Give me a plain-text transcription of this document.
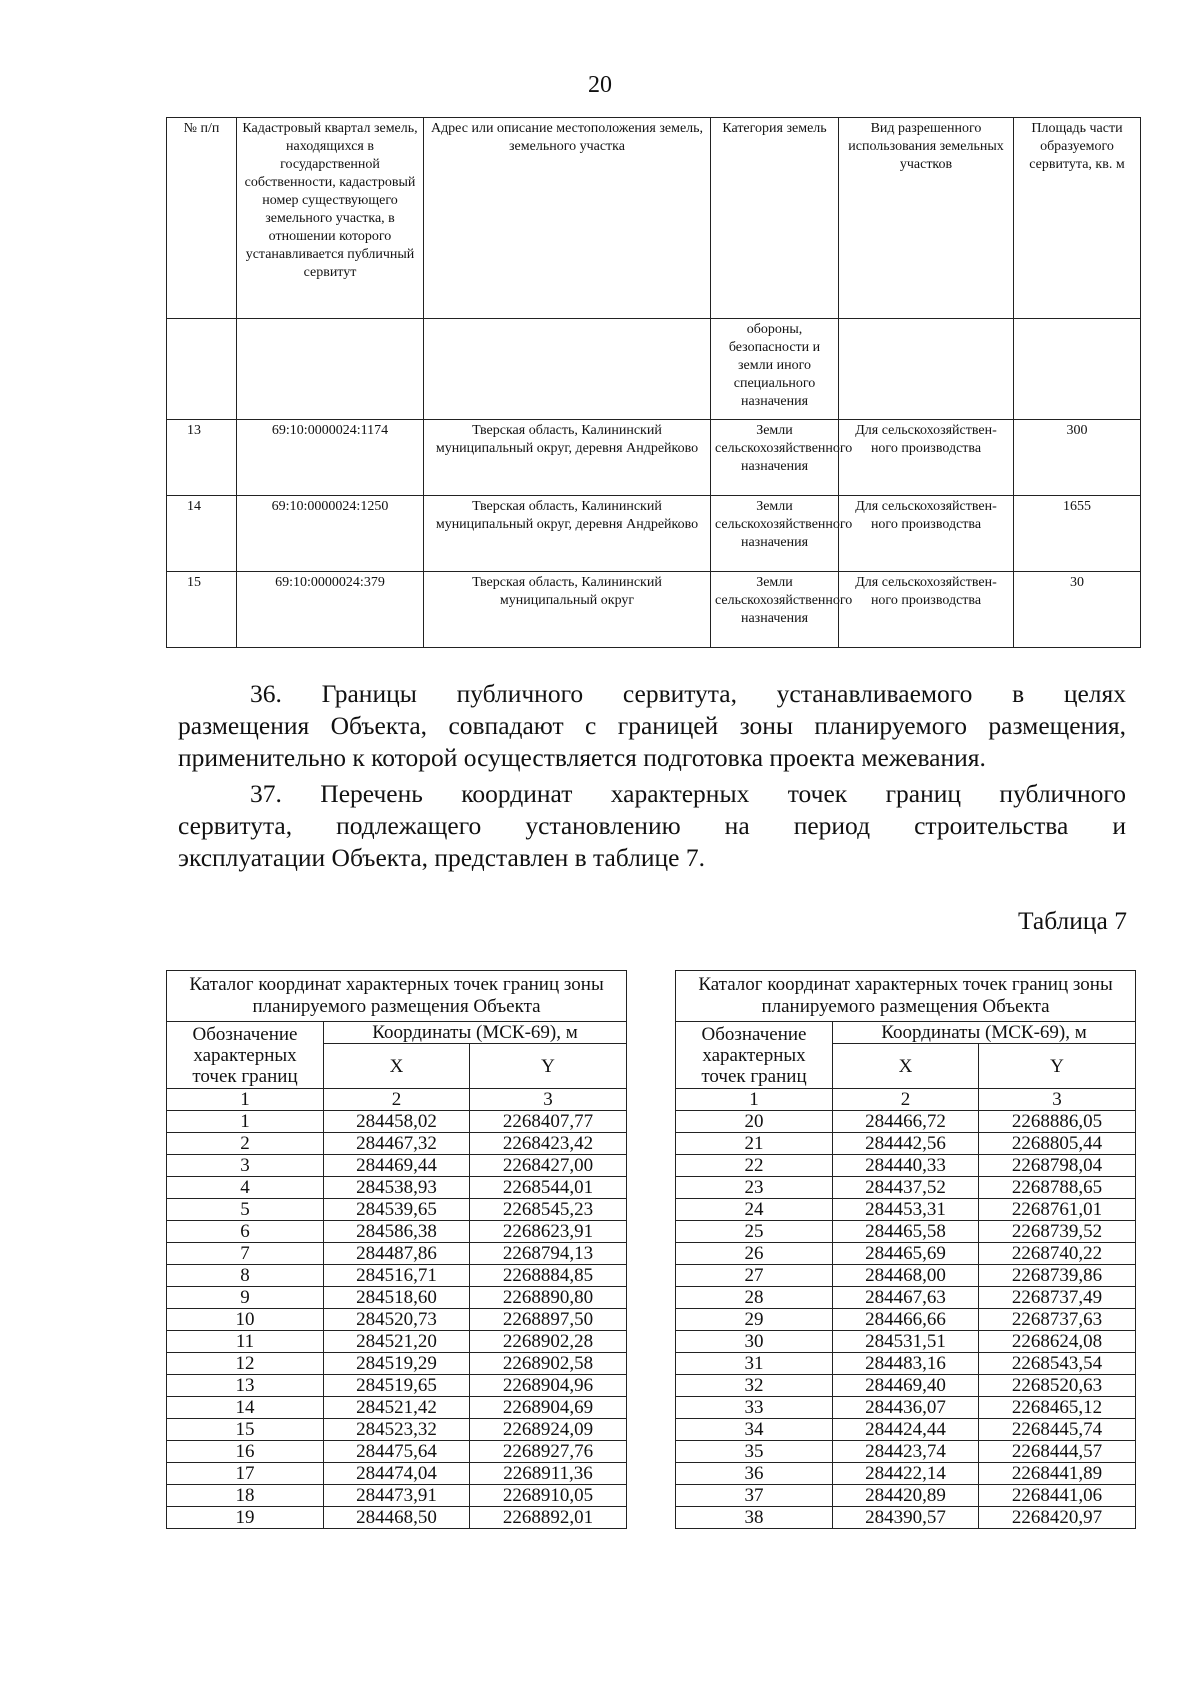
20
№ п/п	Кадастровый квартал земель, находящихся в государственной собственности, кадастровый номер существующего земельного участка, в отношении которого устанавливается публичный сервитут	Адрес или описание местоположения земель, земельного участка	Категория земель	Вид разрешенного использования земельных участков	Площадь части образуемого сервитута, кв. м
			обороны, безопасности и земли иного специального назначения		
13	69:10:0000024:1174	Тверская область, Калининский муниципальный округ, деревня Андрейково	Земли сельскохозяйственного назначения	Для сельскохозяйствен-ного производства	300
14	69:10:0000024:1250	Тверская область, Калининский муниципальный округ, деревня Андрейково	Земли сельскохозяйственного назначения	Для сельскохозяйствен-ного производства	1655
15	69:10:0000024:379	Тверская область, Калининский муниципальный округ	Земли сельскохозяйственного назначения	Для сельскохозяйствен-ного производства	30
36. Границы публичного сервитута, устанавливаемого в целях
размещения Объекта, совпадают с границей зоны планируемого размещения,
применительно к которой осуществляется подготовка проекта межевания.
37. Перечень координат характерных точек границ публичного
сервитута, подлежащего установлению на период строительства и
эксплуатации Объекта, представлен в таблице 7.
Таблица 7
Каталог координат характерных точек границ зоны планируемого размещения Объекта		
Обозначение характерных точек границ	Координаты (МСК-69), м	
	X	Y
1	2	3
1	284458,02	2268407,77
2	284467,32	2268423,42
3	284469,44	2268427,00
4	284538,93	2268544,01
5	284539,65	2268545,23
6	284586,38	2268623,91
7	284487,86	2268794,13
8	284516,71	2268884,85
9	284518,60	2268890,80
10	284520,73	2268897,50
11	284521,20	2268902,28
12	284519,29	2268902,58
13	284519,65	2268904,96
14	284521,42	2268904,69
15	284523,32	2268924,09
16	284475,64	2268927,76
17	284474,04	2268911,36
18	284473,91	2268910,05
19	284468,50	2268892,01
Каталог координат характерных точек границ зоны планируемого размещения Объекта		
Обозначение характерных точек границ	Координаты (МСК-69), м	
	X	Y
1	2	3
20	284466,72	2268886,05
21	284442,56	2268805,44
22	284440,33	2268798,04
23	284437,52	2268788,65
24	284453,31	2268761,01
25	284465,58	2268739,52
26	284465,69	2268740,22
27	284468,00	2268739,86
28	284467,63	2268737,49
29	284466,66	2268737,63
30	284531,51	2268624,08
31	284483,16	2268543,54
32	284469,40	2268520,63
33	284436,07	2268465,12
34	284424,44	2268445,74
35	284423,74	2268444,57
36	284422,14	2268441,89
37	284420,89	2268441,06
38	284390,57	2268420,97
